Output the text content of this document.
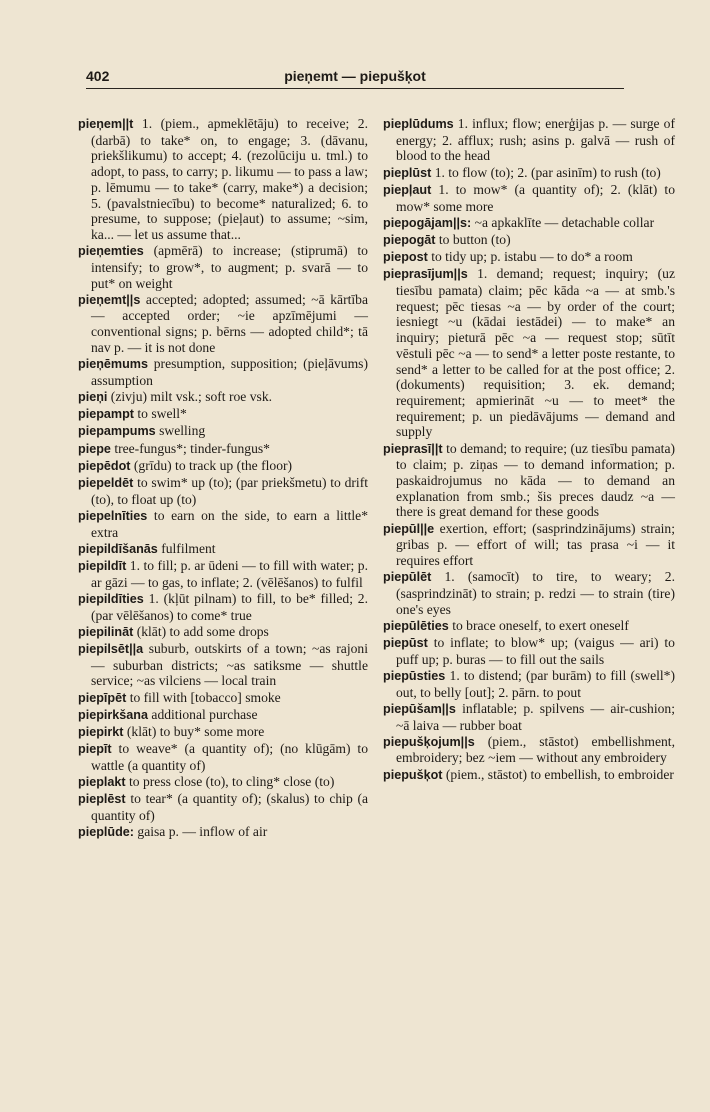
402	pieņemt — piepušķot

pieņem||t 1. (piem., apmeklētāju) to receive; 2. (darbā) to take* on, to engage; 3. (dāvanu, priekšlikumu) to accept; 4. (rezolūciju u. tml.) to adopt, to pass, to carry; p. likumu — to pass a law; p. lēmumu — to take* (carry, make*) a decision; 5. (pavalstniecību) to become* naturalized; 6. to presume, to suppose; (pieļaut) to assume; ~sim, ka... — let us assume that...

pieņemties (apmērā) to increase; (stiprumā) to intensify; to grow*, to augment; p. svarā — to put* on weight

pieņemt||s accepted; adopted; assumed; ~ā kārtība — accepted order; ~ie apzīmējumi — conventional signs; p. bērns — adopted child*; tā nav p. — it is not done

pieņēmums presumption, supposition; (pieļāvums) assumption

pieņi (zivju) milt vsk.; soft roe vsk.

piepampt to swell*

piepampums swelling

piepe tree-fungus*; tinder-fungus*

piepēdot (grīdu) to track up (the floor)

piepeldēt to swim* up (to); (par priekšmetu) to drift (to), to float up (to)

piepelnīties to earn on the side, to earn a little* extra

piepildīšanās fulfilment

piepildīt 1. to fill; p. ar ūdeni — to fill with water; p. ar gāzi — to gas, to inflate; 2. (vēlēšanos) to fulfil

piepildīties 1. (kļūt pilnam) to fill, to be* filled; 2. (par vēlēšanos) to come* true

piepilināt (klāt) to add some drops

piepilsēt||a suburb, outskirts of a town; ~as rajoni — suburban districts; ~as satiksme — shuttle service; ~as vilciens — local train

piepīpēt to fill with [tobacco] smoke

piepirkšana additional purchase

piepirkt (klāt) to buy* some more

piepīt to weave* (a quantity of); (no klūgām) to wattle (a quantity of)

pieplakt to press close (to), to cling* close (to)

pieplēst to tear* (a quantity of); (skalus) to chip (a quantity of)

pieplūde: gaisa p. — inflow of air

pieplūdums 1. influx; flow; enerģijas p. — surge of energy; 2. afflux; rush; asins p. galvā — rush of blood to the head

pieplūst 1. to flow (to); 2. (par asinīm) to rush (to)

piepļaut 1. to mow* (a quantity of); 2. (klāt) to mow* some more

piepogājam||s: ~a apkaklīte — detachable collar

piepogāt to button (to)

piepost to tidy up; p. istabu — to do* a room

pieprasījum||s 1. demand; request; inquiry; (uz tiesību pamata) claim; pēc kāda ~a — at smb.'s request; pēc tiesas ~a — by order of the court; iesniegt ~u (kādai iestādei) — to make* an inquiry; pieturā pēc ~a — request stop; sūtīt vēstuli pēc ~a — to send* a letter poste restante, to send* a letter to be called for at the post office; 2. (dokuments) requisition; 3. ek. demand; requirement; apmierināt ~u — to meet* the requirement; p. un piedāvājums — demand and supply

pieprasī||t to demand; to require; (uz tiesību pamata) to claim; p. ziņas — to demand information; p. paskaidrojumus no kāda — to demand an explanation from smb.; šis preces daudz ~a — there is great demand for these goods

piepūl||e exertion, effort; (sasprindzinājums) strain; gribas p. — effort of will; tas prasa ~i — it requires effort

piepūlēt 1. (samocīt) to tire, to weary; 2. (sasprindzināt) to strain; p. redzi — to strain (tire) one's eyes

piepūlēties to brace oneself, to exert oneself

piepūst to inflate; to blow* up; (vaigus — ari) to puff up; p. buras — to fill out the sails

piepūsties 1. to distend; (par burām) to fill (swell*) out, to belly [out]; 2. pārn. to pout

piepūšam||s inflatable; p. spilvens — air-cushion; ~ā laiva — rubber boat

piepušķojum||s (piem., stāstot) embellishment, embroidery; bez ~iem — without any embroidery

piepušķot (piem., stāstot) to embellish, to embroider
